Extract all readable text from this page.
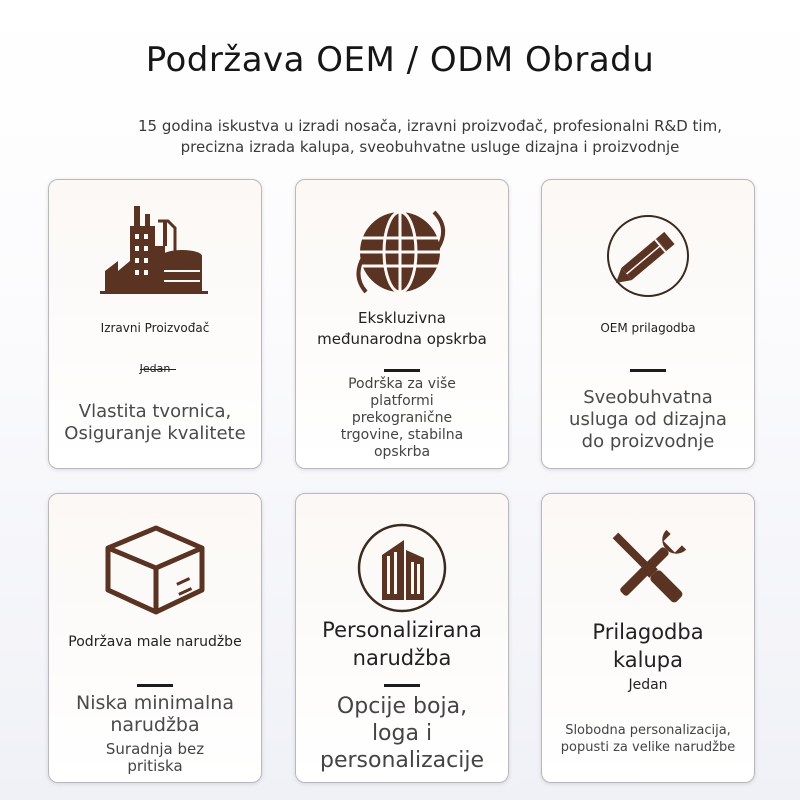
Podržava OEM / ODM Obradu
15 godina iskustva u izradi nosača, izravni proizvođač, profesionalni R&D tim,
precizna izrada kalupa, sveobuhvatne usluge dizajna i proizvodnje
Izravni Proizvođač
Jedan
Vlastita tvornica,
Osiguranje kvalitete
Ekskluzivna
međunarodna opskrba
Podrška za više
platformi
prekogranične
trgovine, stabilna
opskrba
OEM prilagodba
Sveobuhvatna
usluga od dizajna
do proizvodnje
Podržava male narudžbe
Niska minimalna
narudžba
Suradnja bez
pritiska
Personalizirana
narudžba
Opcije boja,
loga i
personalizacije
Prilagodba
kalupa
Jedan
Slobodna personalizacija,
popusti za velike narudžbe
